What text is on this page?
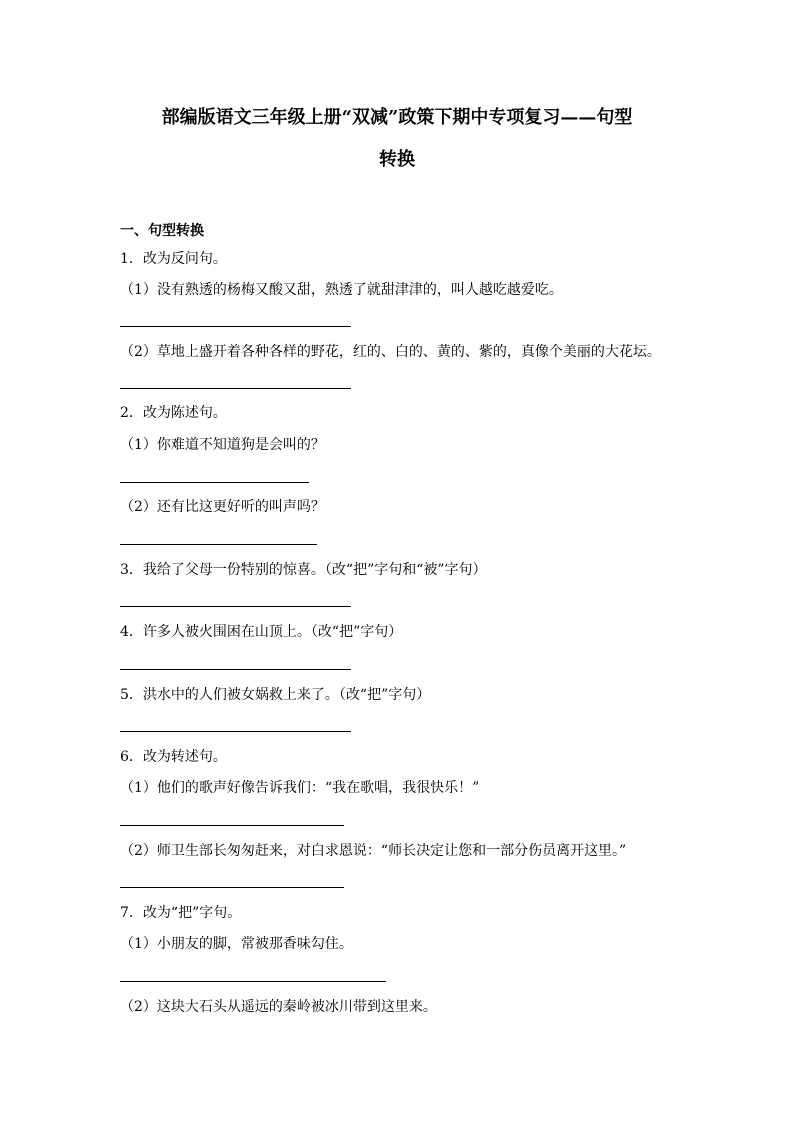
部编版语文三年级上册“双减”政策下期中专项复习——句型
转换
一、句型转换
1．改为反问句。
（1）没有熟透的杨梅又酸又甜，熟透了就甜津津的，叫人越吃越爱吃。
（2）草地上盛开着各种各样的野花，红的、白的、黄的、紫的，真像个美丽的大花坛。
2．改为陈述句。
（1）你难道不知道狗是会叫的？
（2）还有比这更好听的叫声吗？
3．我给了父母一份特别的惊喜。（改“把”字句和“被”字句）
4．许多人被火围困在山顶上。（改“把”字句）
5．洪水中的人们被女娲救上来了。（改“把”字句）
6．改为转述句。
（1）他们的歌声好像告诉我们：“我在歌唱，我很快乐！”
（2）师卫生部长匆匆赶来，对白求恩说：“师长决定让您和一部分伤员离开这里。”
7．改为“把”字句。
（1）小朋友的脚，常被那香味勾住。
（2）这块大石头从遥远的秦岭被冰川带到这里来。
